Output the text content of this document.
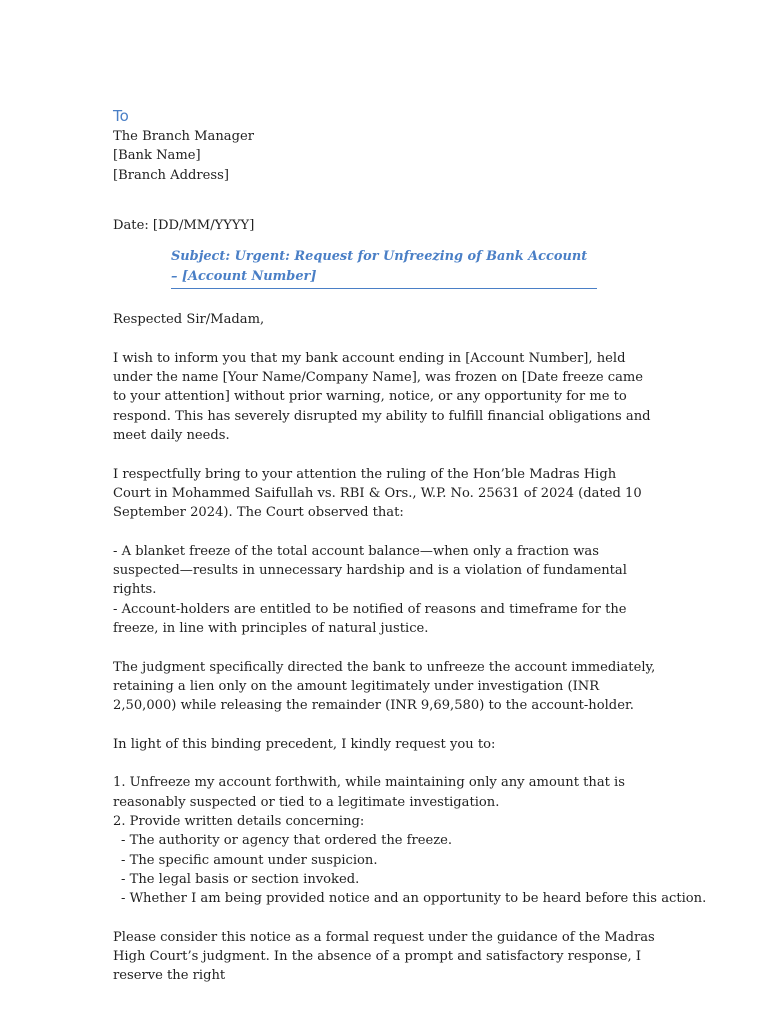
To

The Branch Manager

[Bank Name]

[Branch Address]

Date: [DD/MM/YYYY]

Subject: Urgent: Request for Unfreezing of Bank Account – [Account Number]

Respected Sir/Madam,

I wish to inform you that my bank account ending in [Account Number], held under the name [Your Name/Company Name], was frozen on [Date freeze came to your attention] without prior warning, notice, or any opportunity for me to respond. This has severely disrupted my ability to fulfill financial obligations and meet daily needs.

I respectfully bring to your attention the ruling of the Hon’ble Madras High Court in Mohammed Saifullah vs. RBI & Ors., W.P. No. 25631 of 2024 (dated 10 September 2024). The Court observed that:

- A blanket freeze of the total account balance—when only a fraction was suspected—results in unnecessary hardship and is a violation of fundamental rights.
- Account-holders are entitled to be notified of reasons and timeframe for the freeze, in line with principles of natural justice.

The judgment specifically directed the bank to unfreeze the account immediately, retaining a lien only on the amount legitimately under investigation (INR 2,50,000) while releasing the remainder (INR 9,69,580) to the account-holder.

In light of this binding precedent, I kindly request you to:

1. Unfreeze my account forthwith, while maintaining only any amount that is reasonably suspected or tied to a legitimate investigation.
2. Provide written details concerning:
- The authority or agency that ordered the freeze.
- The specific amount under suspicion.
- The legal basis or section invoked.
- Whether I am being provided notice and an opportunity to be heard before this action.

Please consider this notice as a formal request under the guidance of the Madras High Court’s judgment. In the absence of a prompt and satisfactory response, I reserve the right
